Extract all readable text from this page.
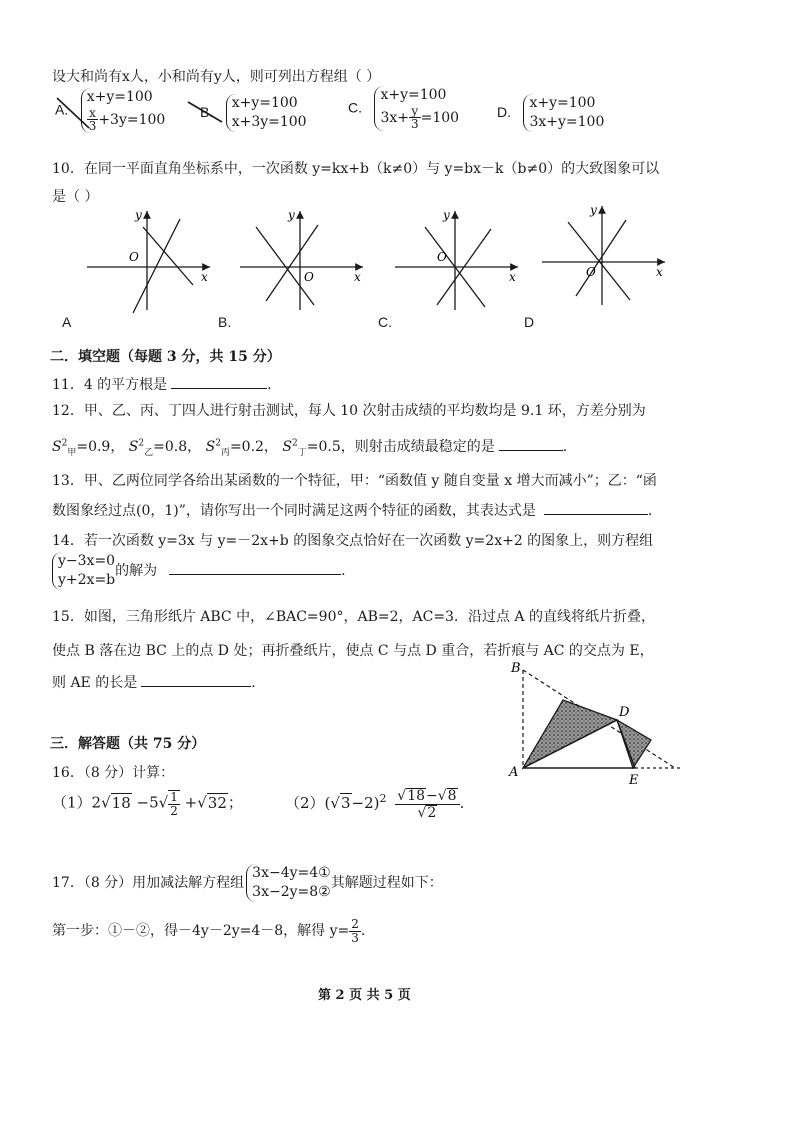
设大和尚有x人，小和尚有y人，则可列出方程组（ ）
A. x+y=100

$\frac{x}{3} +3y=100$
B. x+y=100
x+3y=100
C. x+y=100
$3x+ \frac{y}{3} =100$	D. x+y=100
3x+y=100
10．在同一平面直角坐标系中，一次函数 y=kx+b（k≠0）与 y=bx－k（b≠0）的大致图象可以
是（ ）
y
O
x
y
O	x
y
O
x
y
O	x
A	B.	C.	D
二．填空题（每题 3 分，共 15 分）
11．4 的平方根是	.
12．甲、乙、丙、丁四人进行射击测试，每人 10 次射击成绩的平均数均是 9.1 环，方差分别为
$S^2_甲=0.9$， $S^2_乙=0.8$， $S^2_丙=0.2$， $S^2_丁=0.5$，则射击成绩最稳定的是	.
13．甲、乙两位同学各给出某函数的一个特征，甲：“函数值 y 随自变量 x 增大而减小”；乙：“函
数图象经过点(0，1)”，请你写出一个同时满足这两个特征的函数，其表达式是	.
14．若一次函数 y=3x 与 y=－2x+b 的图象交点恰好在一次函数 y=2x+2 的图象上，则方程组
y−3x=0
y+2x=b的解为	.
15．如图，三角形纸片 ABC 中，∠BAC=90°，AB=2，AC=3．沿过点 A 的直线将纸片折叠，
使点 B 落在边 BC 上的点 D 处；再折叠纸片，使点 C 与点 D 重合，若折痕与 AC 的交点为 E，
则 AE 的长是	.
B
D
A
E
三．解答题（共 75 分）
16．（8 分）计算：
$(1)2√18 -5√ \frac{1}{2} +√32$；	$(2)(√3-2)^2 \frac{√18-√8}{√2}$ .
17．（8 分）用加减法解方程组3x−4y=4①
3x−2y=8②其解题过程如下：
第一步：①－②，得－4y－2y=4－8，解得 $y= \frac{2}{3}$ .
第 2 页 共 5 页
